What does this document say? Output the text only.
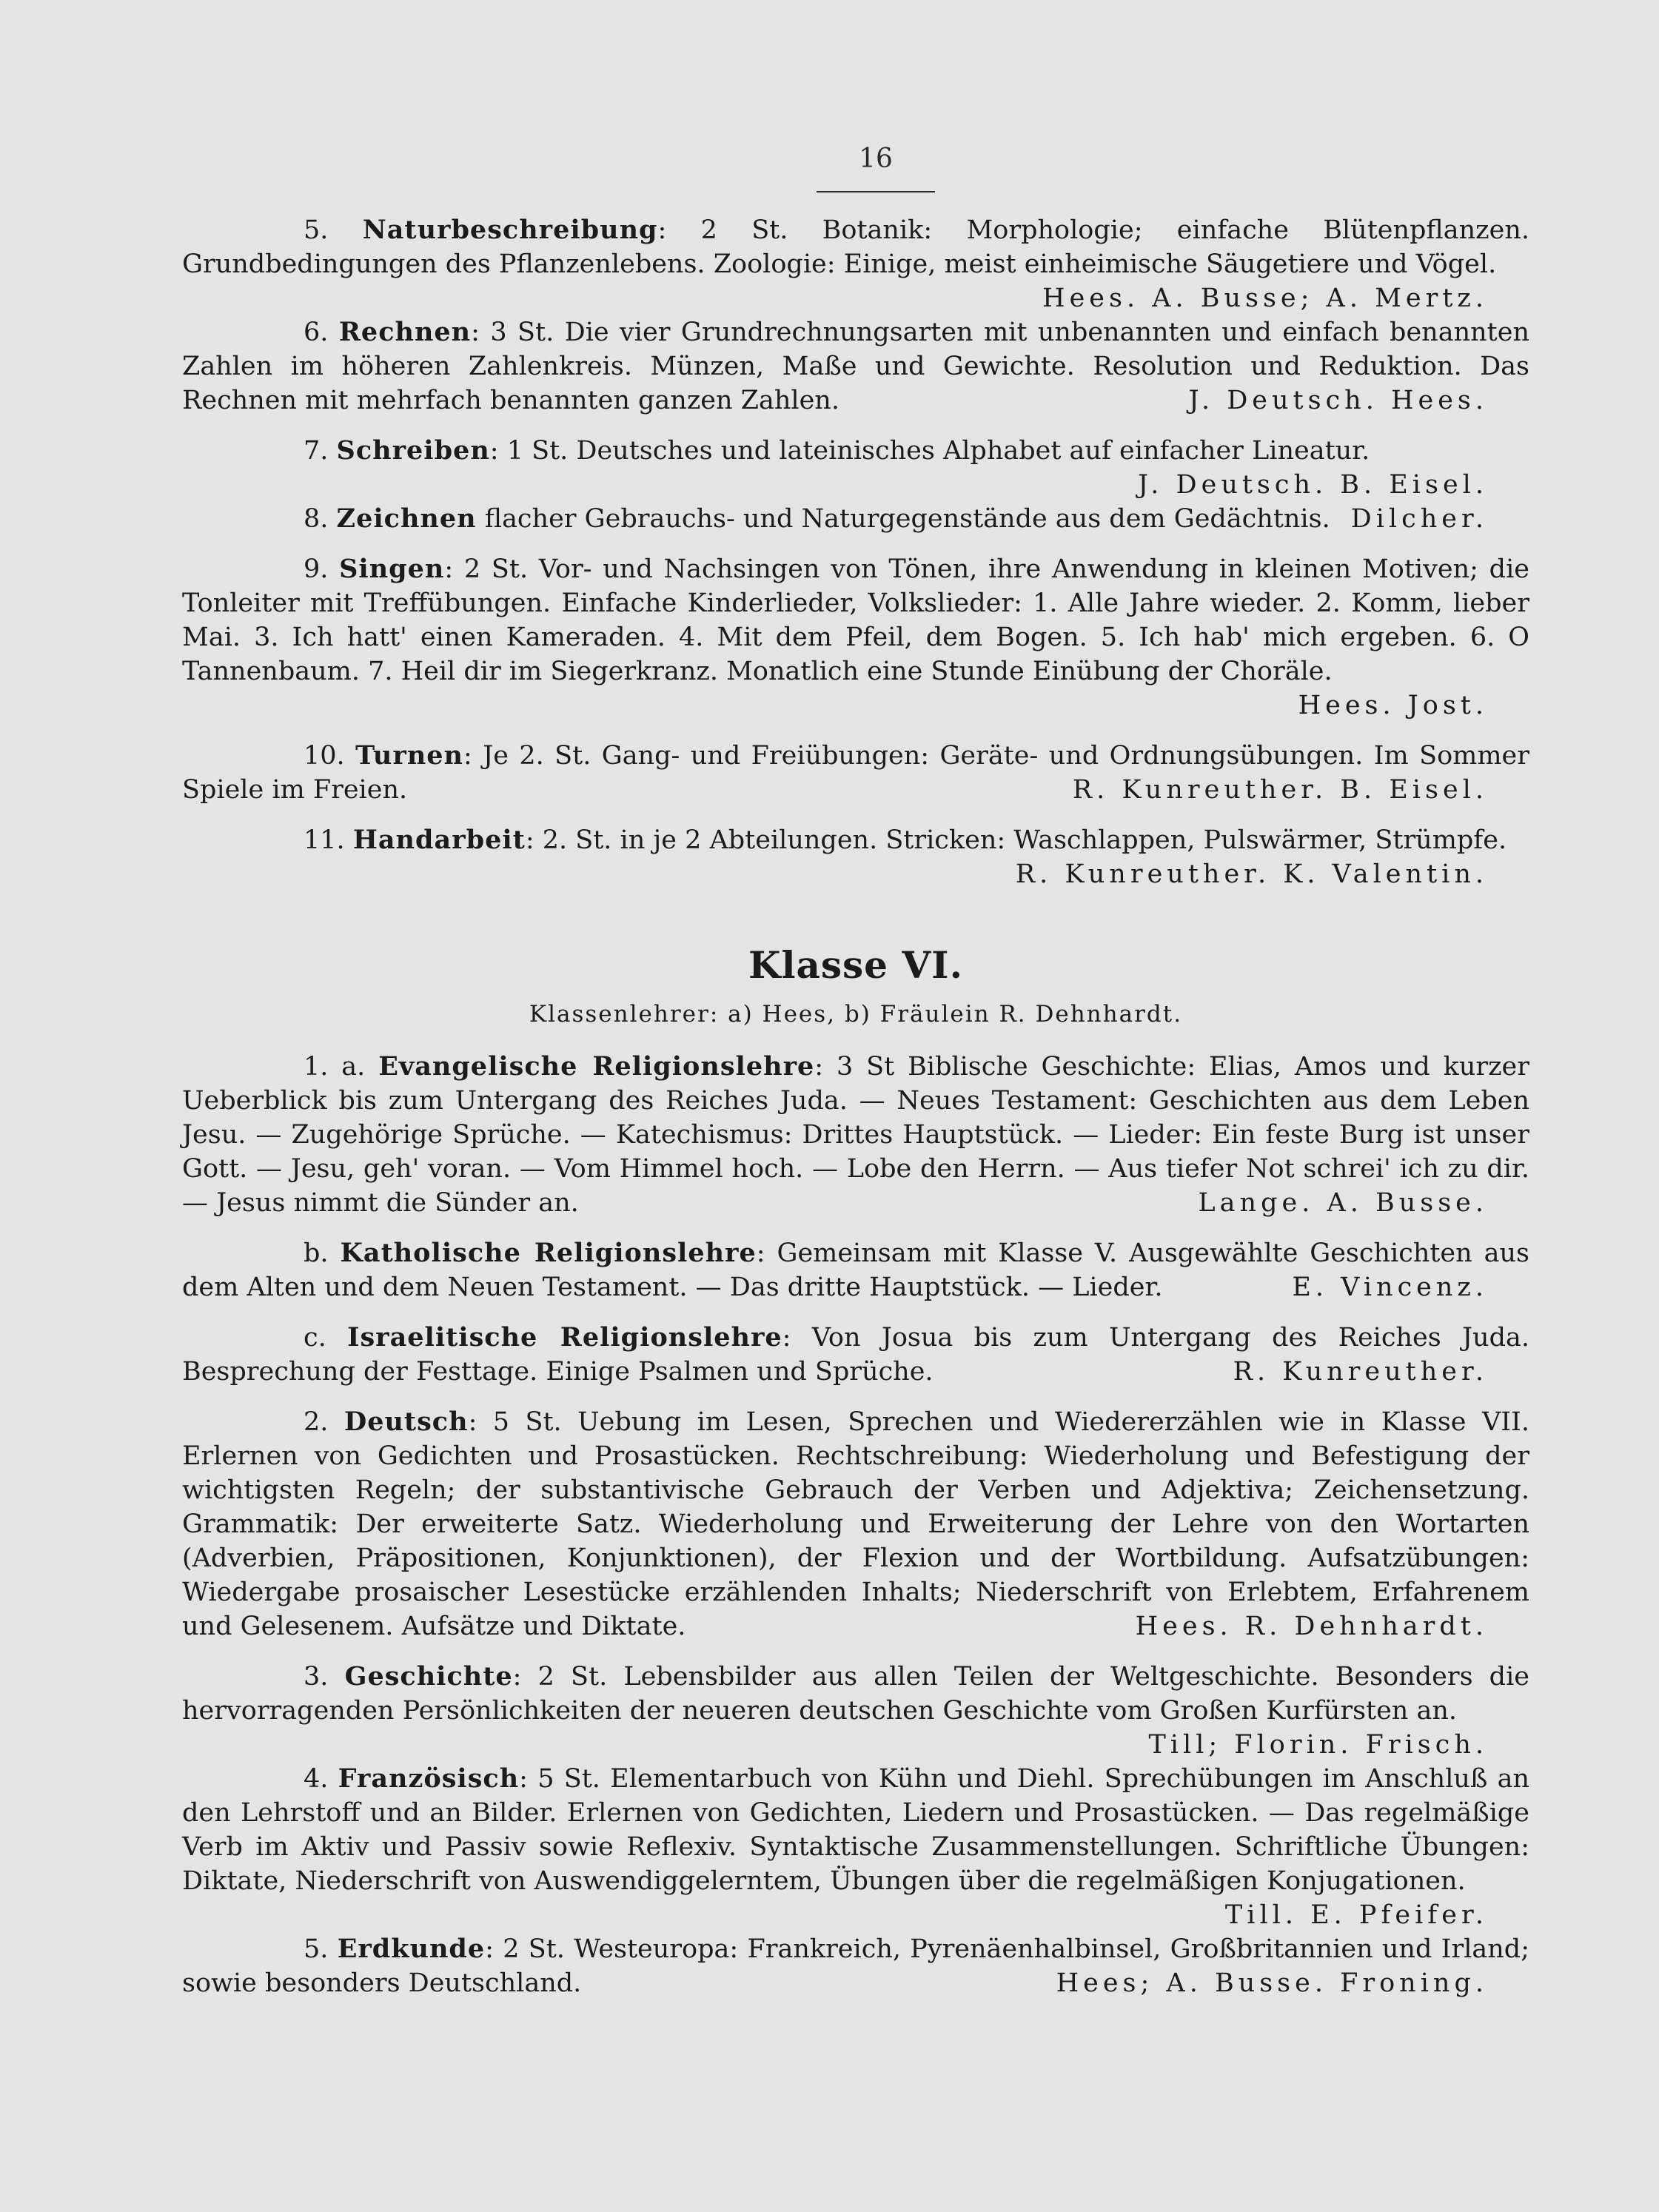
16

5. Naturbeschreibung: 2 St. Botanik: Morphologie; einfache Blütenpflanzen. Grundbedingungen des Pflanzenlebens. Zoologie: Einige, meist einheimische Säugetiere und Vögel.
Hees. A. Busse; A. Mertz.

6. Rechnen: 3 St. Die vier Grundrechnungsarten mit unbenannten und einfach benannten Zahlen im höheren Zahlenkreis. Münzen, Maße und Gewichte. Resolution und Reduktion. Das Rechnen mit mehrfach benannten ganzen Zahlen.	J. Deutsch. Hees.

7. Schreiben: 1 St. Deutsches und lateinisches Alphabet auf einfacher Lineatur.
J. Deutsch. B. Eisel.

8. Zeichnen flacher Gebrauchs- und Naturgegenstände aus dem Gedächtnis. Dilcher.

9. Singen: 2 St. Vor- und Nachsingen von Tönen, ihre Anwendung in kleinen Motiven; die Tonleiter mit Treffübungen. Einfache Kinderlieder, Volkslieder: 1. Alle Jahre wieder. 2. Komm, lieber Mai. 3. Ich hatt' einen Kameraden. 4. Mit dem Pfeil, dem Bogen. 5. Ich hab' mich ergeben. 6. O Tannenbaum. 7. Heil dir im Siegerkranz. Monatlich eine Stunde Einübung der Choräle.
Hees. Jost.

10. Turnen: Je 2. St. Gang- und Freiübungen: Geräte- und Ordnungsübungen. Im Sommer Spiele im Freien.	R. Kunreuther. B. Eisel.

11. Handarbeit: 2. St. in je 2 Abteilungen. Stricken: Waschlappen, Pulswärmer, Strümpfe.
R. Kunreuther. K. Valentin.

Klasse VI.
Klassenlehrer: a) Hees, b) Fräulein R. Dehnhardt.

1. a. Evangelische Religionslehre: 3 St Biblische Geschichte: Elias, Amos und kurzer Ueberblick bis zum Untergang des Reiches Juda. — Neues Testament: Geschichten aus dem Leben Jesu. — Zugehörige Sprüche. — Katechismus: Drittes Hauptstück. — Lieder: Ein feste Burg ist unser Gott. — Jesu, geh' voran. — Vom Himmel hoch. — Lobe den Herrn. — Aus tiefer Not schrei' ich zu dir. — Jesus nimmt die Sünder an.	Lange. A. Busse.

b. Katholische Religionslehre: Gemeinsam mit Klasse V. Ausgewählte Geschichten aus dem Alten und dem Neuen Testament. — Das dritte Hauptstück. — Lieder.	E. Vincenz.

c. Israelitische Religionslehre: Von Josua bis zum Untergang des Reiches Juda. Besprechung der Festtage. Einige Psalmen und Sprüche.	R. Kunreuther.

2. Deutsch: 5 St. Uebung im Lesen, Sprechen und Wiedererzählen wie in Klasse VII. Erlernen von Gedichten und Prosastücken. Rechtschreibung: Wiederholung und Befestigung der wichtigsten Regeln; der substantivische Gebrauch der Verben und Adjektiva; Zeichensetzung. Grammatik: Der erweiterte Satz. Wiederholung und Erweiterung der Lehre von den Wortarten (Adverbien, Präpositionen, Konjunktionen), der Flexion und der Wortbildung. Aufsatzübungen: Wiedergabe prosaischer Lesestücke erzählenden Inhalts; Niederschrift von Erlebtem, Erfahrenem und Gelesenem. Aufsätze und Diktate.	Hees. R. Dehnhardt.

3. Geschichte: 2 St. Lebensbilder aus allen Teilen der Weltgeschichte. Besonders die hervorragenden Persönlichkeiten der neueren deutschen Geschichte vom Großen Kurfürsten an.
Till; Florin. Frisch.

4. Französisch: 5 St. Elementarbuch von Kühn und Diehl. Sprechübungen im Anschluß an den Lehrstoff und an Bilder. Erlernen von Gedichten, Liedern und Prosastücken. — Das regelmäßige Verb im Aktiv und Passiv sowie Reflexiv. Syntaktische Zusammenstellungen. Schriftliche Übungen: Diktate, Niederschrift von Auswendiggelerntem, Übungen über die regelmäßigen Konjugationen.
Till. E. Pfeifer.

5. Erdkunde: 2 St. Westeuropa: Frankreich, Pyrenäenhalbinsel, Großbritannien und Irland; sowie besonders Deutschland.	Hees; A. Busse. Froning.
